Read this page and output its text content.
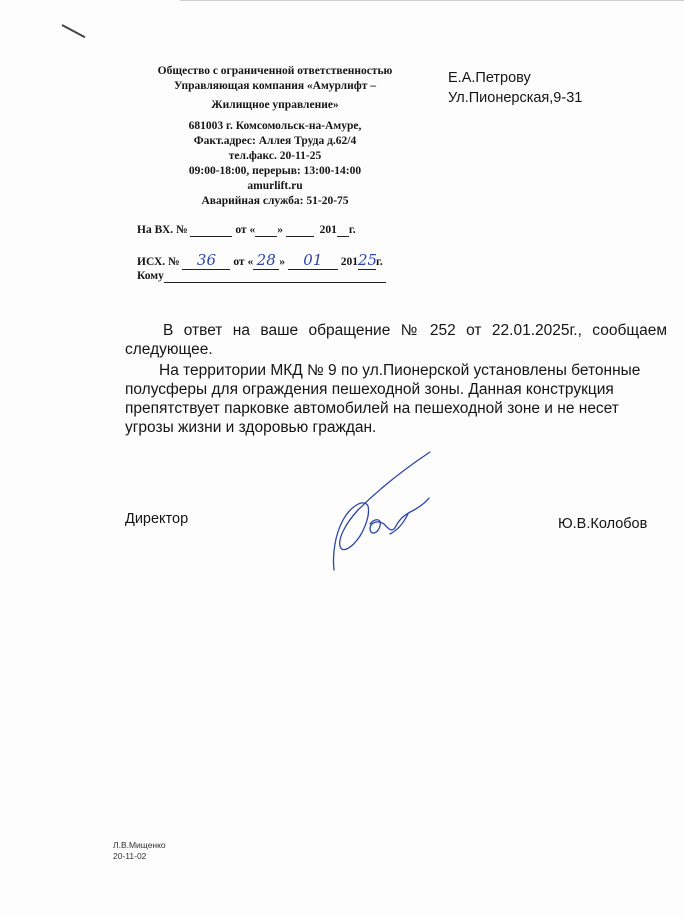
Общество с ограниченной ответственностью
Управляющая компания «Амурлифт –
Жилищное управление»
681003 г. Комсомольск-на-Амуре,
Факт.адрес: Аллея Труда д.62/4
тел.факс. 20-11-25
09:00-18:00, перерыв: 13:00-14:00
amurlift.ru
Аварийная служба: 51-20-75
Е.А.Петрову
Ул.Пионерская,9-31
На ВХ. №	от « »	201 г.
ИСХ. № 36 от « 28 » 01 20125г.
Кому
В ответ на ваше обращение № 252 от 22.01.2025г., сообщаем следующее.
На территории МКД № 9 по ул.Пионерской установлены бетонные полусферы для ограждения пешеходной зоны. Данная конструкция препятствует парковке автомобилей на пешеходной зоне и не несет угрозы жизни и здоровью граждан.
Директор	Ю.В.Колобов
Л.В.Мищенко
20-11-02
